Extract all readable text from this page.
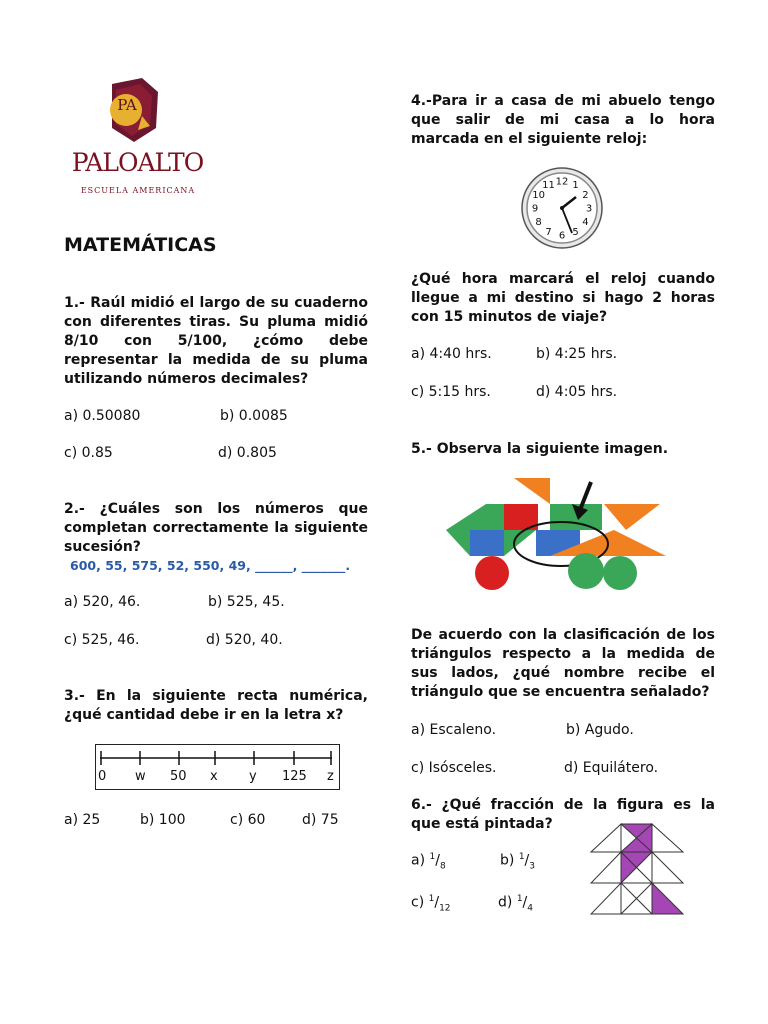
PA
PALOALTO
ESCUELA AMERICANA
MATEMÁTICAS
1.- Raúl midió el largo de su cuaderno con diferentes tiras. Su pluma midió 8/10 con 5/100, ¿cómo debe representar la medida de su pluma utilizando números decimales?
a) 0.50080	b) 0.0085
c) 0.85	d) 0.805
2.- ¿Cuáles son los números que completan correctamente la siguiente sucesión?
600, 55, 575, 52, 550, 49, ______, _______.
a) 520, 46.	b) 525, 45.
c) 525, 46.	d) 520, 40.
3.- En la siguiente recta numérica, ¿qué cantidad debe ir en la letra x?
0 w 50 x y 125 z
a) 25	b) 100	c) 60	d) 75
4.-Para ir a casa de mi abuelo tengo que salir de mi casa a lo hora marcada en el siguiente reloj:
12 1
2
3
4
5
6
7
8
9
10
11
¿Qué hora marcará el reloj cuando llegue a mi destino si hago 2 horas con 15 minutos de viaje?
a) 4:40 hrs.	b) 4:25 hrs.
c) 5:15 hrs.	d) 4:05 hrs.
5.- Observa la siguiente imagen.
De acuerdo con la clasificación de los triángulos respecto a la medida de sus lados, ¿qué nombre recibe el triángulo que se encuentra señalado?
a) Escaleno.	b) Agudo.
c) Isósceles.	d) Equilátero.
6.- ¿Qué fracción de la figura es la que está pintada?
a) $^1/_8$	b) $^1/_3$
c) $^1/_{12}$	d) $^1/_4$
